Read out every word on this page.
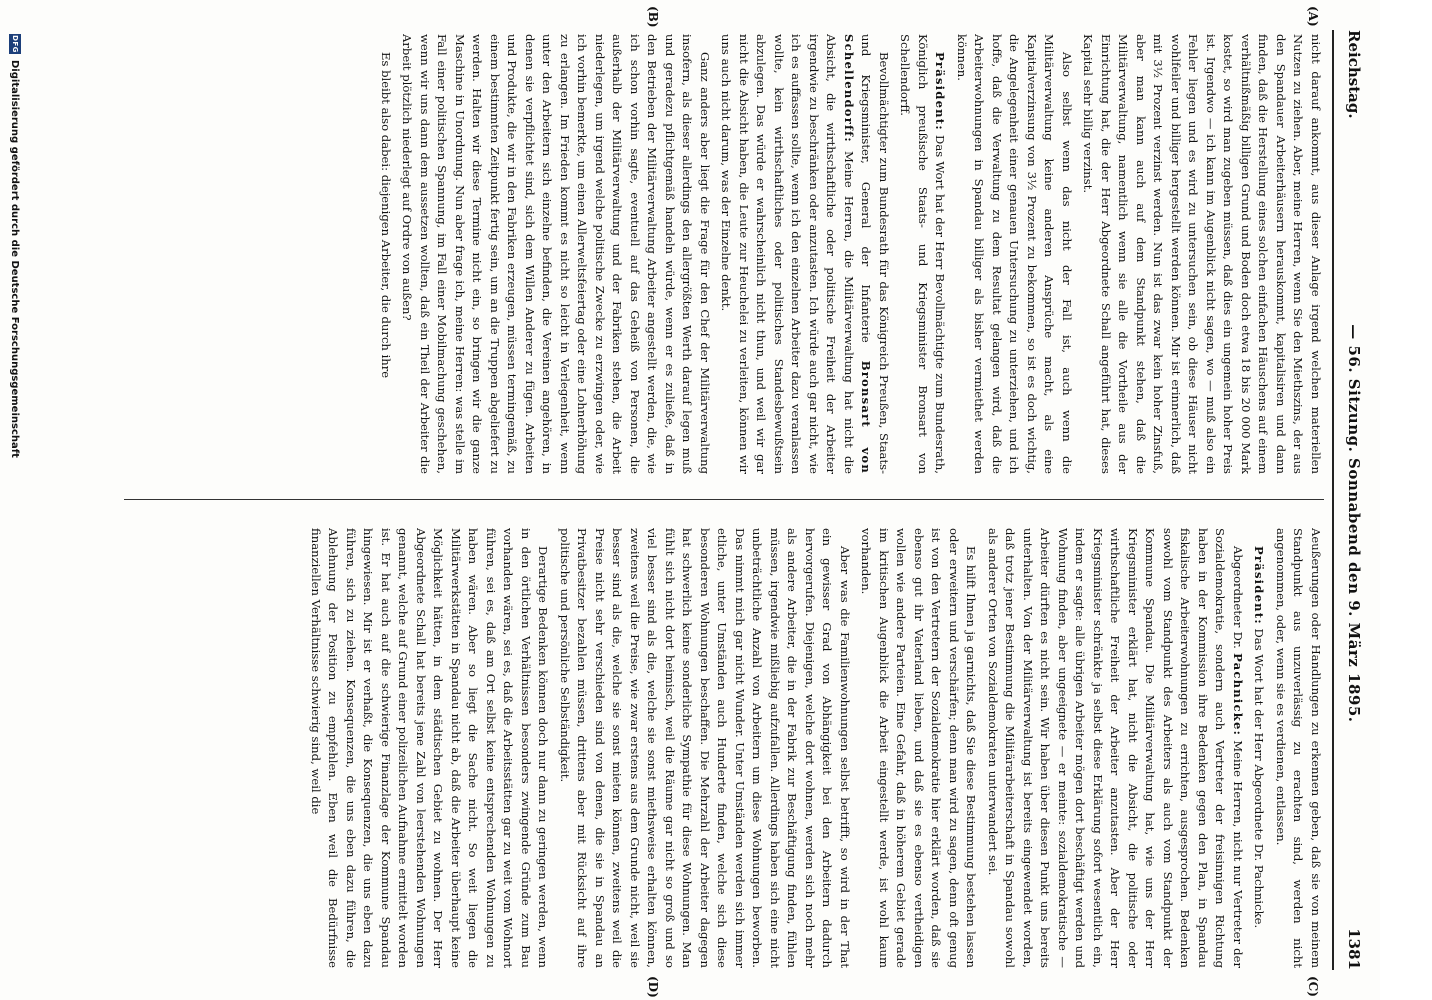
Reichstag.
— 56. Sitzung. Sonnabend den 9. März 1895.
1381
(A)
(B)
(C)
(D)

nicht darauf ankommt, aus dieser Anlage irgend welchen materiellen Nutzen zu ziehen. Aber, meine Herren, wenn Sie den Miethszins, der aus den Spandauer Arbeiterhäusern herauskommt, kapitalisiren und dann finden, daß die Herstellung eines solchen einfachen Häuschens auf einem verhältnißmäßig billigen Grund und Boden doch etwa 18 bis 20 000 Mark kostet, so wird man zugeben müssen, daß dies ein ungemein hoher Preis ist. Irgendwo — ich kann im Augenblick nicht sagen, wo — muß also ein Fehler liegen und es wird zu untersuchen sein, ob diese Häuser nicht wohlfeiler und billiger hergestellt werden können. Mir ist erinnerlich, daß mit 3½ Prozent verzinst werden. Nun ist das zwar kein hoher Zinsfuß, aber man kann auch auf dem Standpunkt stehen, daß die Militärverwaltung, namentlich wenn sie alle die Vortheile aus der Einrichtung hat, die der Herr Abgeordnete Schall angeführt hat, dieses Kapital sehr billig verzinst.

Also selbst wenn das nicht der Fall ist, auch wenn die Militärverwaltung keine anderen Ansprüche macht, als eine Kapitalverzinsung von 3½ Prozent zu bekommen, so ist es doch wichtig, die Angelegenheit einer genauen Untersuchung zu unterziehen, und ich hoffe, daß die Verwaltung zu dem Resultat gelangen wird, daß die Arbeiterwohnungen in Spandau billiger als bisher vermiethet werden können.

Präsident: Das Wort hat der Herr Bevollmächtigte zum Bundesrath, Königlich preußische Staats- und Kriegsminister Bronsart von Schellendorff.

Bevollmächtigter zum Bundesrath für das Königreich Preußen, Staats- und Kriegsminister, General der Infanterie Bronsart von Schellendorff: Meine Herren, die Militärverwaltung hat nicht die Absicht, die wirthschaftliche oder politische Freiheit der Arbeiter irgendwie zu beschränken oder anzutasten. Ich würde auch gar nicht, wie ich es auffassen sollte, wenn ich den einzelnen Arbeiter dazu veranlassen wollte, kein wirthschaftliches oder politisches Standesbewußtsein abzulegen. Das würde er wahrscheinlich nicht thun, und weil wir gar nicht die Absicht haben, die Leute zur Heuchelei zu verleiten, können wir uns auch nicht darum, was der Einzelne denkt.

Ganz anders aber liegt die Frage für den Chef der Militärverwaltung insofern, als dieser allerdings den allergrößten Werth darauf legen muß und geradezu pflichtgemäß handeln würde, wenn er es zuließe, daß in den Betrieben der Militärverwaltung Arbeiter angestellt werden, die, wie ich schon vorhin sagte, eventuell auf das Geheiß von Personen, die außerhalb der Militärverwaltung und der Fabriken stehen, die Arbeit niederlegen, um irgend welche politische Zwecke zu erzwingen oder, wie ich vorhin bemerkte, um einen Allerweltsfeiertag oder eine Lohnerhöhung zu erlangen. Im Frieden kommt es nicht so leicht in Verlegenheit, wenn unter den Arbeitern sich einzelne befinden, die Vereinen angehören, in denen sie verpflichtet sind, sich dem Willen Anderer zu fügen. Arbeiten und Produkte, die wir in den Fabriken erzeugen, müssen termingemäß, zu einem bestimmten Zeitpunkt fertig sein, um an die Truppen abgeliefert zu werden. Halten wir diese Termine nicht ein, so bringen wir die ganze Maschine in Unordnung. Nun aber frage ich, meine Herren: was stelle im Fall einer politischen Spannung, im Fall einer Mobilmachung geschehen, wenn wir uns dann dem aussetzen wollten, daß ein Theil der Arbeiter die Arbeit plötzlich niederlegt auf Ordre von außen?

Es bleibt also dabei: diejenigen Arbeiter, die durch ihre

Aeußerungen oder Handlungen zu erkennen geben, daß sie von meinem Standpunkt aus unzuverlässig zu erachten sind, werden nicht angenommen, oder, wenn sie es verdienen, entlassen.

Präsident: Das Wort hat der Herr Abgeordnete Dr. Pachnicke.

Abgeordneter Dr. Pachnicke: Meine Herren, nicht nur Vertreter der Sozialdemokratie, sondern auch Vertreter der freisinnigen Richtung haben in der Kommission ihre Bedenken gegen den Plan, in Spandau fiskalische Arbeiterwohnungen zu errichten, ausgesprochen. Bedenken sowohl vom Standpunkt des Arbeiters als auch vom Standpunkt der Kommune Spandau. Die Militärverwaltung hat, wie uns der Herr Kriegsminister erklärt hat, nicht die Absicht, die politische oder wirthschaftliche Freiheit der Arbeiter anzutasten. Aber der Herr Kriegsminister schränkte ja selbst diese Erklärung sofort wesentlich ein, indem er sagte: alle übrigen Arbeiter mögen dort beschäftigt werden und Wohnung finden, aber ungeeignete — er meinte: sozialdemokratische — Arbeiter dürften es nicht sein. Wir haben über diesen Punkt uns bereits unterhalten. Von der Militärverwaltung ist bereits eingewendet worden, daß trotz jener Bestimmung die Militärarbeiterschaft in Spandau sowohl als anderer Orten von Sozialdemokraten unterwandert sei.

Es hilft Ihnen ja garnichts, daß Sie diese Bestimmung bestehen lassen oder erweitern und verschärfen; denn man wird zu sagen, denn oft genug ist von den Vertretern der Sozialdemokratie hier erklärt worden, daß sie ebenso gut ihr Vaterland lieben, und daß sie es ebenso vertheidigen wollen wie andere Parteien. Eine Gefahr, daß in höherem Gebiet gerade im kritischen Augenblick die Arbeit eingestellt werde, ist wohl kaum vorhanden.

Aber was die Familienwohnungen selbst betrifft, so wird in der That ein gewisser Grad von Abhängigkeit bei den Arbeitern dadurch hervorgerufen. Diejenigen, welche dort wohnen, werden sich noch mehr als andere Arbeiter, die in der Fabrik zur Beschäftigung finden, fühlen müssen, irgendwie mißliebig aufzufallen. Allerdings haben sich eine nicht unbeträchtliche Anzahl von Arbeitern um diese Wohnungen beworben. Das nimmt mich gar nicht Wunder. Unter Umständen werden sich immer etliche, unter Umständen auch Hunderte finden, welche sich diese besonderen Wohnungen beschaffen. Die Mehrzahl der Arbeiter dagegen hat schwerlich keine sonderliche Sympathie für diese Wohnungen. Man fühlt sich nicht dort heimisch, weil die Räume gar nicht so groß und so viel besser sind als die, welche sie sonst miethsweise erhalten können, zweitens weil die Preise, wie zwar erstens aus dem Grunde nicht, weil sie besser sind als die, welche sie sonst mieten können, zweitens weil die Preise nicht sehr verschieden sind von denen, die sie in Spandau an Privatbesitzer bezahlen müssen, drittens aber mit Rücksicht auf ihre politische und persönliche Selbständigkeit.

Derartige Bedenken können doch nur dann zu geringen werden, wenn in den örtlichen Verhältnissen besonders zwingende Gründe zum Bau vorhanden wären, sei es, daß die Arbeitsstätten gar zu weit vom Wohnort führen, sei es, daß am Ort selbst keine entsprechenden Wohnungen zu haben wären. Aber so liegt die Sache nicht. So weit liegen die Militärwerkstätten in Spandau nicht ab, daß die Arbeiter überhaupt keine Möglichkeit hätten, in dem städtischen Gebiet zu wohnen. Der Herr Abgeordnete Schall hat bereits jene Zahl von leerstehenden Wohnungen genannt, welche auf Grund einer polizeilichen Aufnahme ermittelt worden ist. Er hat auch auf die schwierige Finanzlage der Kommune Spandau hingewiesen. Mir ist er verhaßt, die Konsequenzen, die uns eben dazu führen, sich zu ziehen. Konsequenzen, die uns eben dazu führen, die Ablehnung der Position zu empfehlen. Eben weil die Bedürfnisse finanziellen Verhältnisse schwierig sind, weil die

DFG
Digitalisierung gefördert durch die Deutsche Forschungsgemeinschaft
